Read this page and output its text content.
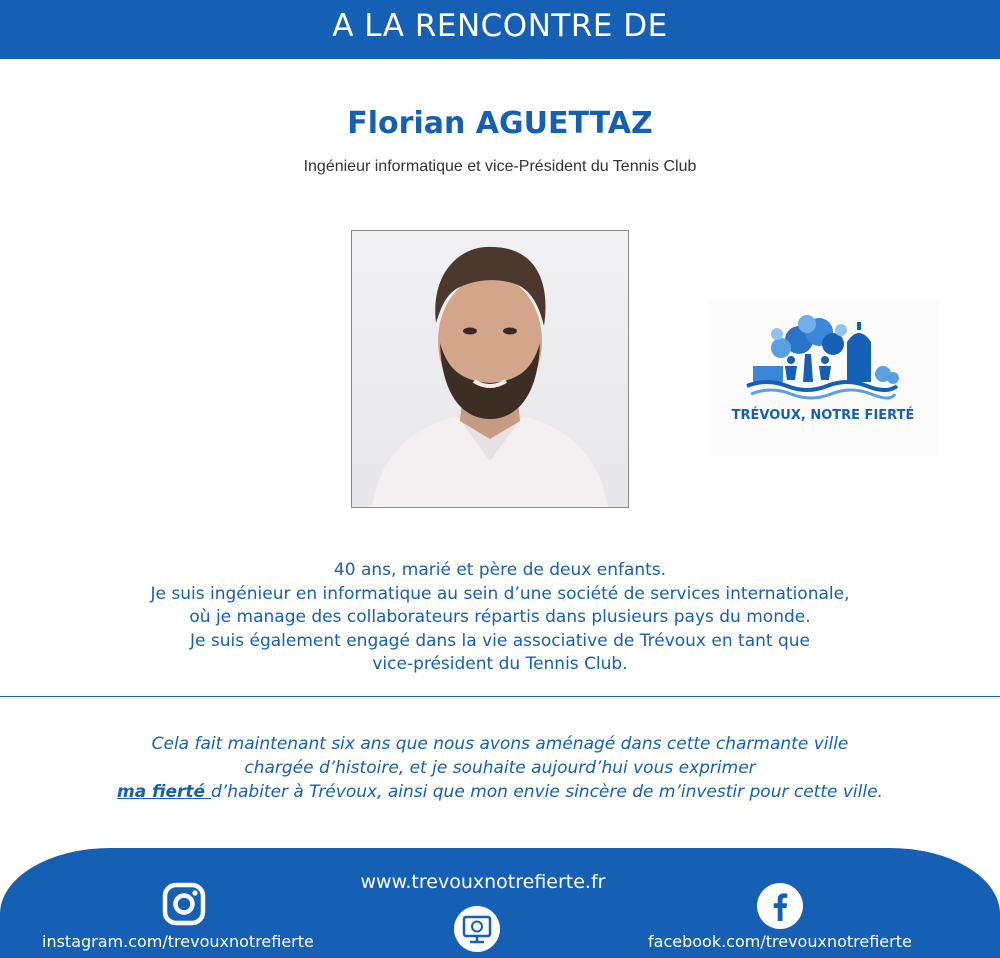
A LA RENCONTRE DE
Florian AGUETTAZ
Ingénieur informatique et vice-Président du Tennis Club
TRÉVOUX, NOTRE FIERTÉ
40 ans, marié et père de deux enfants.
Je suis ingénieur en informatique au sein d’une société de services internationale,
où je manage des collaborateurs répartis dans plusieurs pays du monde.
Je suis également engagé dans la vie associative de Trévoux en tant que
vice-président du Tennis Club.
Cela fait maintenant six ans que nous avons aménagé dans cette charmante ville
chargée d’histoire, et je souhaite aujourd’hui vous exprimer
ma fierté d’habiter à Trévoux, ainsi que mon envie sincère de m’investir pour cette ville.
www.trevouxnotrefierte.fr
instagram.com/trevouxnotrefierte	facebook.com/trevouxnotrefierte
